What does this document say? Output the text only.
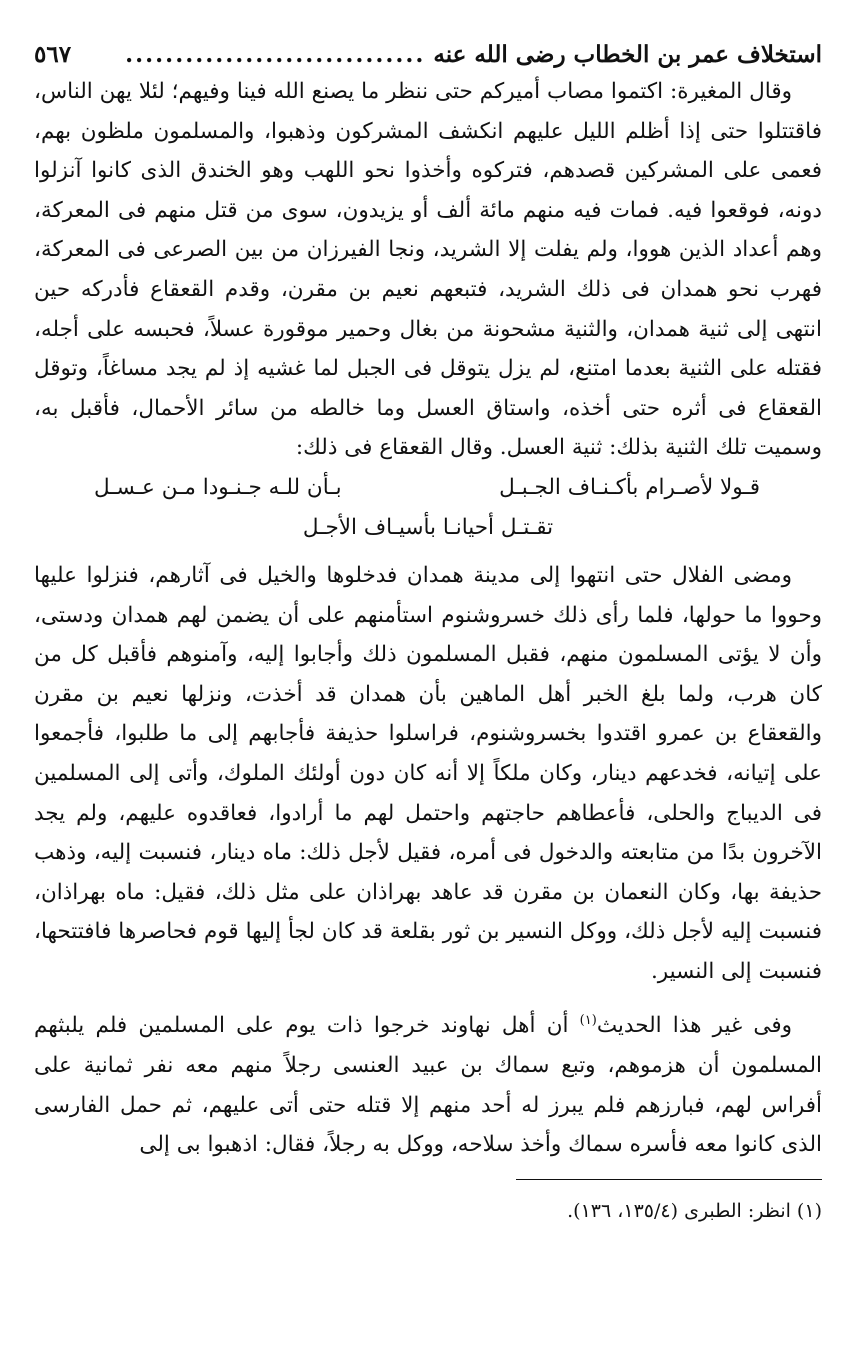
استخلاف عمر بن الخطاب رضى الله عنه
..............................
٥٦٧

وقال المغيرة: اكتموا مصاب أميركم حتى ننظر ما يصنع الله فينا وفيهم؛ لئلا يهن الناس، فاقتتلوا حتى إذا أظلم الليل عليهم انكشف المشركون وذهبوا، والمسلمون ملظون بهم، فعمى على المشركين قصدهم، فتركوه وأخذوا نحو اللهب وهو الخندق الذى كانوا آنزلوا دونه، فوقعوا فيه. فمات فيه منهم مائة ألف أو يزيدون، سوى من قتل منهم فى المعركة، وهم أعداد الذين هووا، ولم يفلت إلا الشريد، ونجا الفيرزان من بين الصرعى فى المعركة، فهرب نحو همدان فى ذلك الشريد، فتبعهم نعيم بن مقرن، وقدم القعقاع فأدركه حين انتهى إلى ثنية همدان، والثنية مشحونة من بغال وحمير موقورة عسلاً، فحبسه على أجله، فقتله على الثنية بعدما امتنع، لم يزل يتوقل فى الجبل لما غشيه إذ لم يجد مساغاً، وتوقل القعقاع فى أثره حتى أخذه، واستاق العسل وما خالطه من سائر الأحمال، فأقبل به، وسميت تلك الثنية بذلك: ثنية العسل. وقال القعقاع فى ذلك:

قـولا لأصـرام بأكـنـاف الجـبـل
بـأن للـه جـنـودا مـن عـسـل
تقـتـل أحيانـا بأسيـاف الأجـل

ومضى الفلال حتى انتهوا إلى مدينة همدان فدخلوها والخيل فى آثارهم، فنزلوا عليها وحووا ما حولها، فلما رأى ذلك خسروشنوم استأمنهم على أن يضمن لهم همدان ودستى، وأن لا يؤتى المسلمون منهم، فقبل المسلمون ذلك وأجابوا إليه، وآمنوهم فأقبل كل من كان هرب، ولما بلغ الخبر أهل الماهين بأن همدان قد أخذت، ونزلها نعيم بن مقرن والقعقاع بن عمرو اقتدوا بخسروشنوم، فراسلوا حذيفة فأجابهم إلى ما طلبوا، فأجمعوا على إتيانه، فخدعهم دينار، وكان ملكاً إلا أنه كان دون أولئك الملوك، وأتى إلى المسلمين فى الديباج والحلى، فأعطاهم حاجتهم واحتمل لهم ما أرادوا، فعاقدوه عليهم، ولم يجد الآخرون بدًا من متابعته والدخول فى أمره، فقيل لأجل ذلك: ماه دينار، فنسبت إليه، وذهب حذيفة بها، وكان النعمان بن مقرن قد عاهد بهراذان على مثل ذلك، فقيل: ماه بهراذان، فنسبت إليه لأجل ذلك، ووكل النسير بن ثور بقلعة قد كان لجأ إليها قوم فحاصرها فافتتحها، فنسبت إلى النسير.

وفى غير هذا الحديث$^{(١)}$ أن أهل نهاوند خرجوا ذات يوم على المسلمين فلم يلبثهم المسلمون أن هزموهم، وتبع سماك بن عبيد العنسى رجلاً منهم معه نفر ثمانية على أفراس لهم، فبارزهم فلم يبرز له أحد منهم إلا قتله حتى أتى عليهم، ثم حمل الفارسى الذى كانوا معه فأسره سماك وأخذ سلاحه، ووكل به رجلاً، فقال: اذهبوا بى إلى

(١) انظر: الطبرى (١٣٥/٤، ١٣٦).
